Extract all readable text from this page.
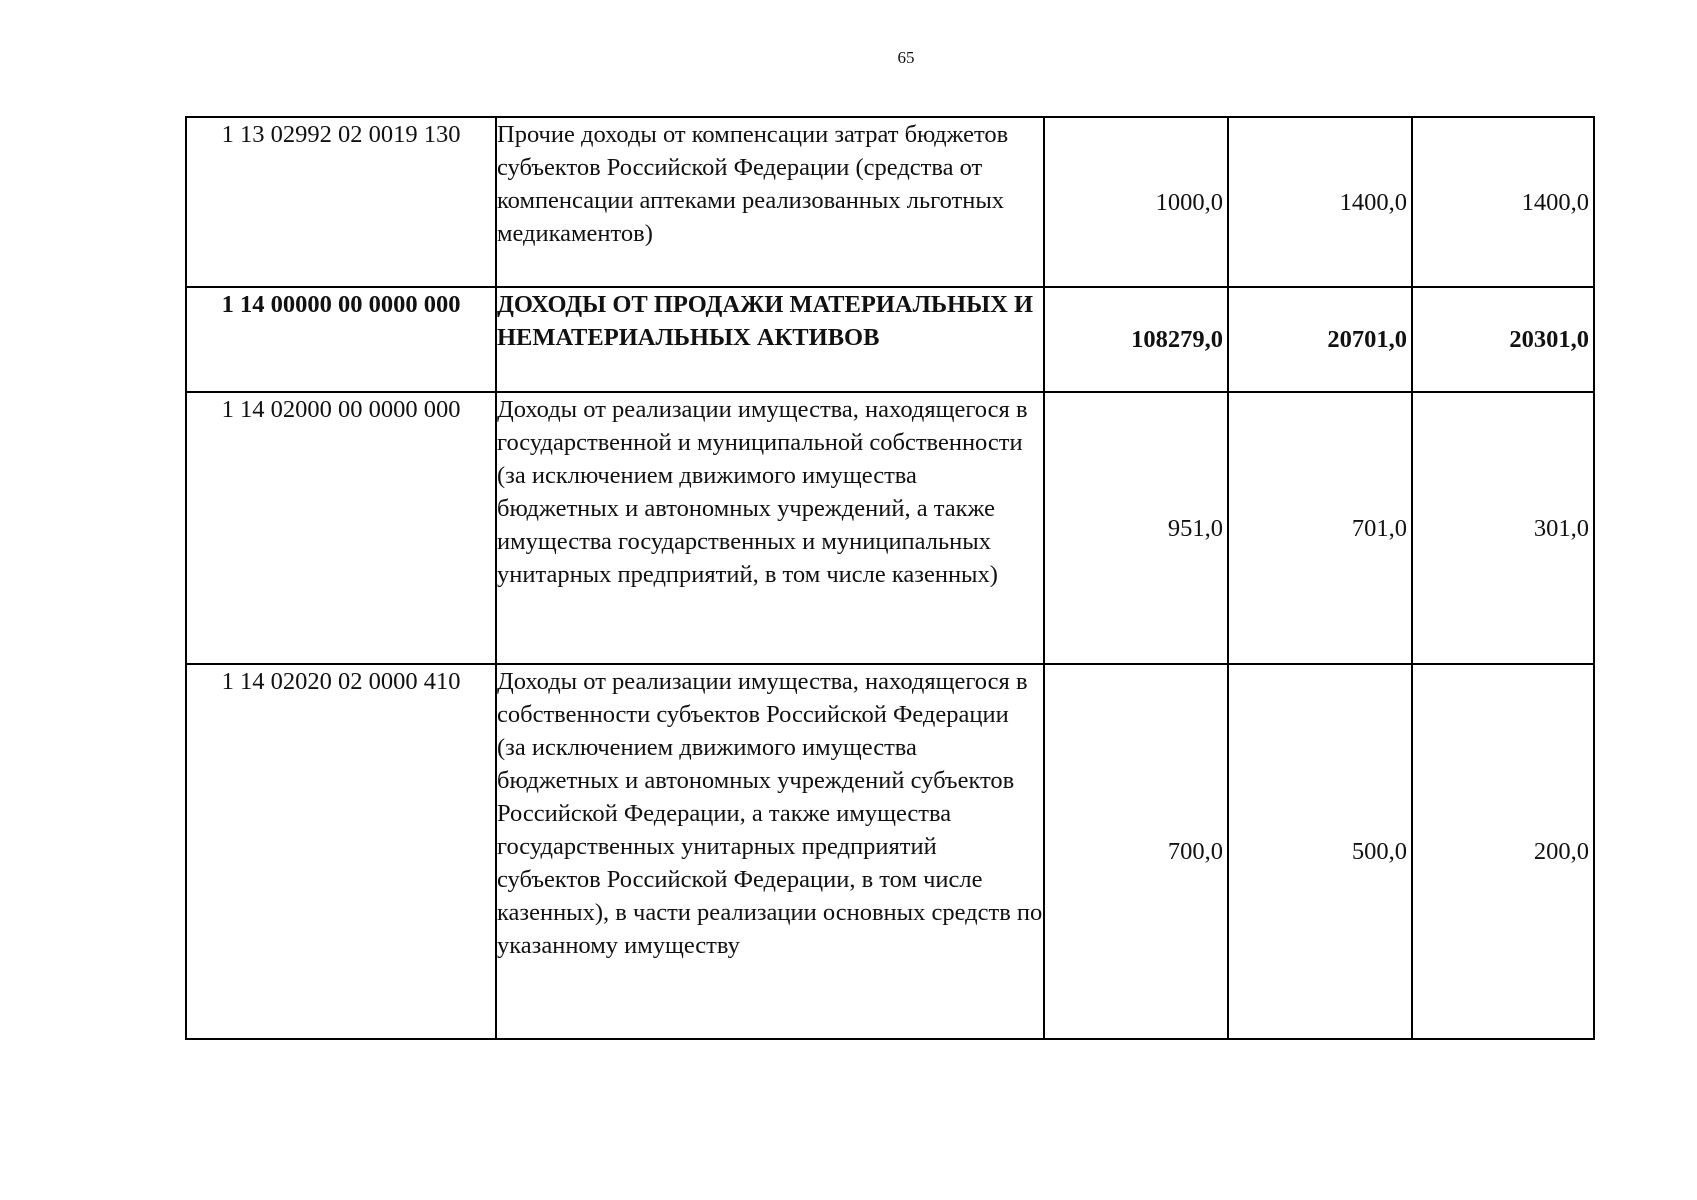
65
1 13 02992 02 0019 130	Прочие доходы от компенсации затрат бюджетов субъектов Российской Федерации (средства от компенсации аптеками реализованных льготных медикаментов)	1000,0	1400,0	1400,0
1 14 00000 00 0000 000	ДОХОДЫ ОТ ПРОДАЖИ МАТЕРИАЛЬНЫХ И НЕМАТЕРИАЛЬНЫХ АКТИВОВ	108279,0	20701,0	20301,0
1 14 02000 00 0000 000	Доходы от реализации имущества, находящегося в государственной и муниципальной собственности (за исключением движимого имущества бюджетных и автономных учреждений, а также имущества государственных и муниципальных унитарных предприятий, в том числе казенных)	951,0	701,0	301,0
1 14 02020 02 0000 410	Доходы от реализации имущества, находящегося в собственности субъектов Российской Федерации (за исключением движимого имущества бюджетных и автономных учреждений субъектов Российской Федерации, а также имущества государственных унитарных предприятий субъектов Российской Федерации, в том числе казенных), в части реализации основных средств по указанному имуществу	700,0	500,0	200,0
